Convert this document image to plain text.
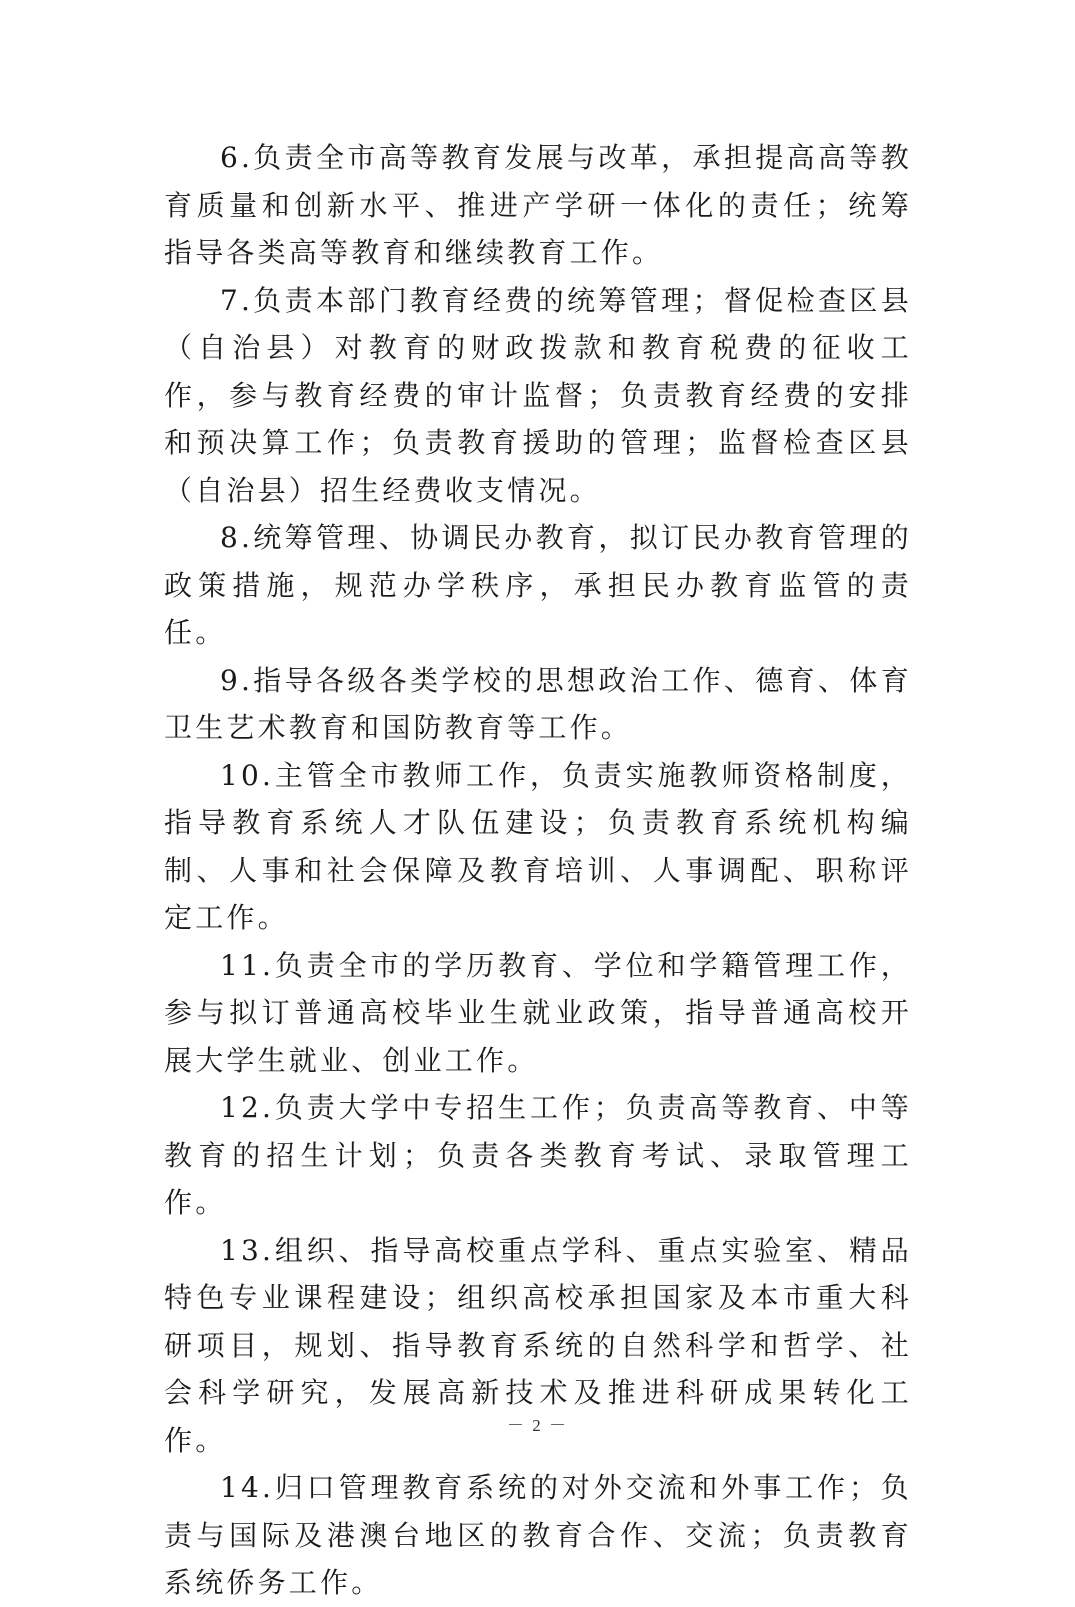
6.负责全市高等教育发展与改革，承担提高高等教育质量和创新水平、推进产学研一体化的责任；统筹指导各类高等教育和继续教育工作。

7.负责本部门教育经费的统筹管理；督促检查区县（自治县）对教育的财政拨款和教育税费的征收工作，参与教育经费的审计监督；负责教育经费的安排和预决算工作；负责教育援助的管理；监督检查区县（自治县）招生经费收支情况。

8.统筹管理、协调民办教育，拟订民办教育管理的政策措施，规范办学秩序，承担民办教育监管的责任。

9.指导各级各类学校的思想政治工作、德育、体育卫生艺术教育和国防教育等工作。

10.主管全市教师工作，负责实施教师资格制度，指导教育系统人才队伍建设；负责教育系统机构编制、人事和社会保障及教育培训、人事调配、职称评定工作。

11.负责全市的学历教育、学位和学籍管理工作，参与拟订普通高校毕业生就业政策，指导普通高校开展大学生就业、创业工作。

12.负责大学中专招生工作；负责高等教育、中等教育的招生计划；负责各类教育考试、录取管理工作。

13.组织、指导高校重点学科、重点实验室、精品特色专业课程建设；组织高校承担国家及本市重大科研项目，规划、指导教育系统的自然科学和哲学、社会科学研究，发展高新技术及推进科研成果转化工作。

14.归口管理教育系统的对外交流和外事工作；负责与国际及港澳台地区的教育合作、交流；负责教育系统侨务工作。

－ 2 －
